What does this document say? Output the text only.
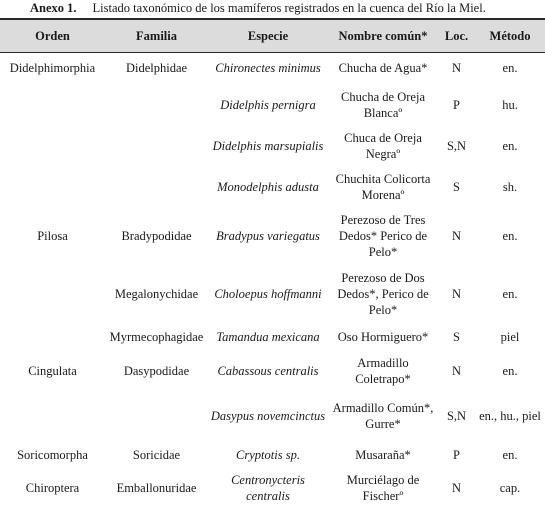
Anexo 1. Listado taxonómico de los mamíferos registrados en la cuenca del Río la Miel.
Orden	Familia	Especie	Nombre común*	Loc.	Método
Didelphimorphia	Didelphidae	Chironectes minimus	Chucha de Agua*	N	en.
		Didelphis pernigra	Chucha de Oreja Blancaº	P	hu.
		Didelphis marsupialis	Chuca de Oreja Negraº	S,N	en.
		Monodelphis adusta	Chuchita Colicorta Morenaº	S	sh.
Pilosa	Bradypodidae	Bradypus variegatus	Perezoso de Tres Dedos* Perico de Pelo*	N	en.
	Megalonychidae	Choloepus hoffmanni	Perezoso de Dos Dedos*, Perico de Pelo*	N	en.
	Myrmecophagidae	Tamandua mexicana	Oso Hormiguero*	S	piel
Cingulata	Dasypodidae	Cabassous centralis	Armadillo Coletrapo*	N	en.
		Dasypus novemcinctus	Armadillo Común*, Gurre*	S,N	en., hu., piel
Soricomorpha	Soricidae	Cryptotis sp.	Musaraña*	P	en.
Chiroptera	Emballonuridae	Centronycteris centralis	Murciélago de Fischerº	N	cap.
